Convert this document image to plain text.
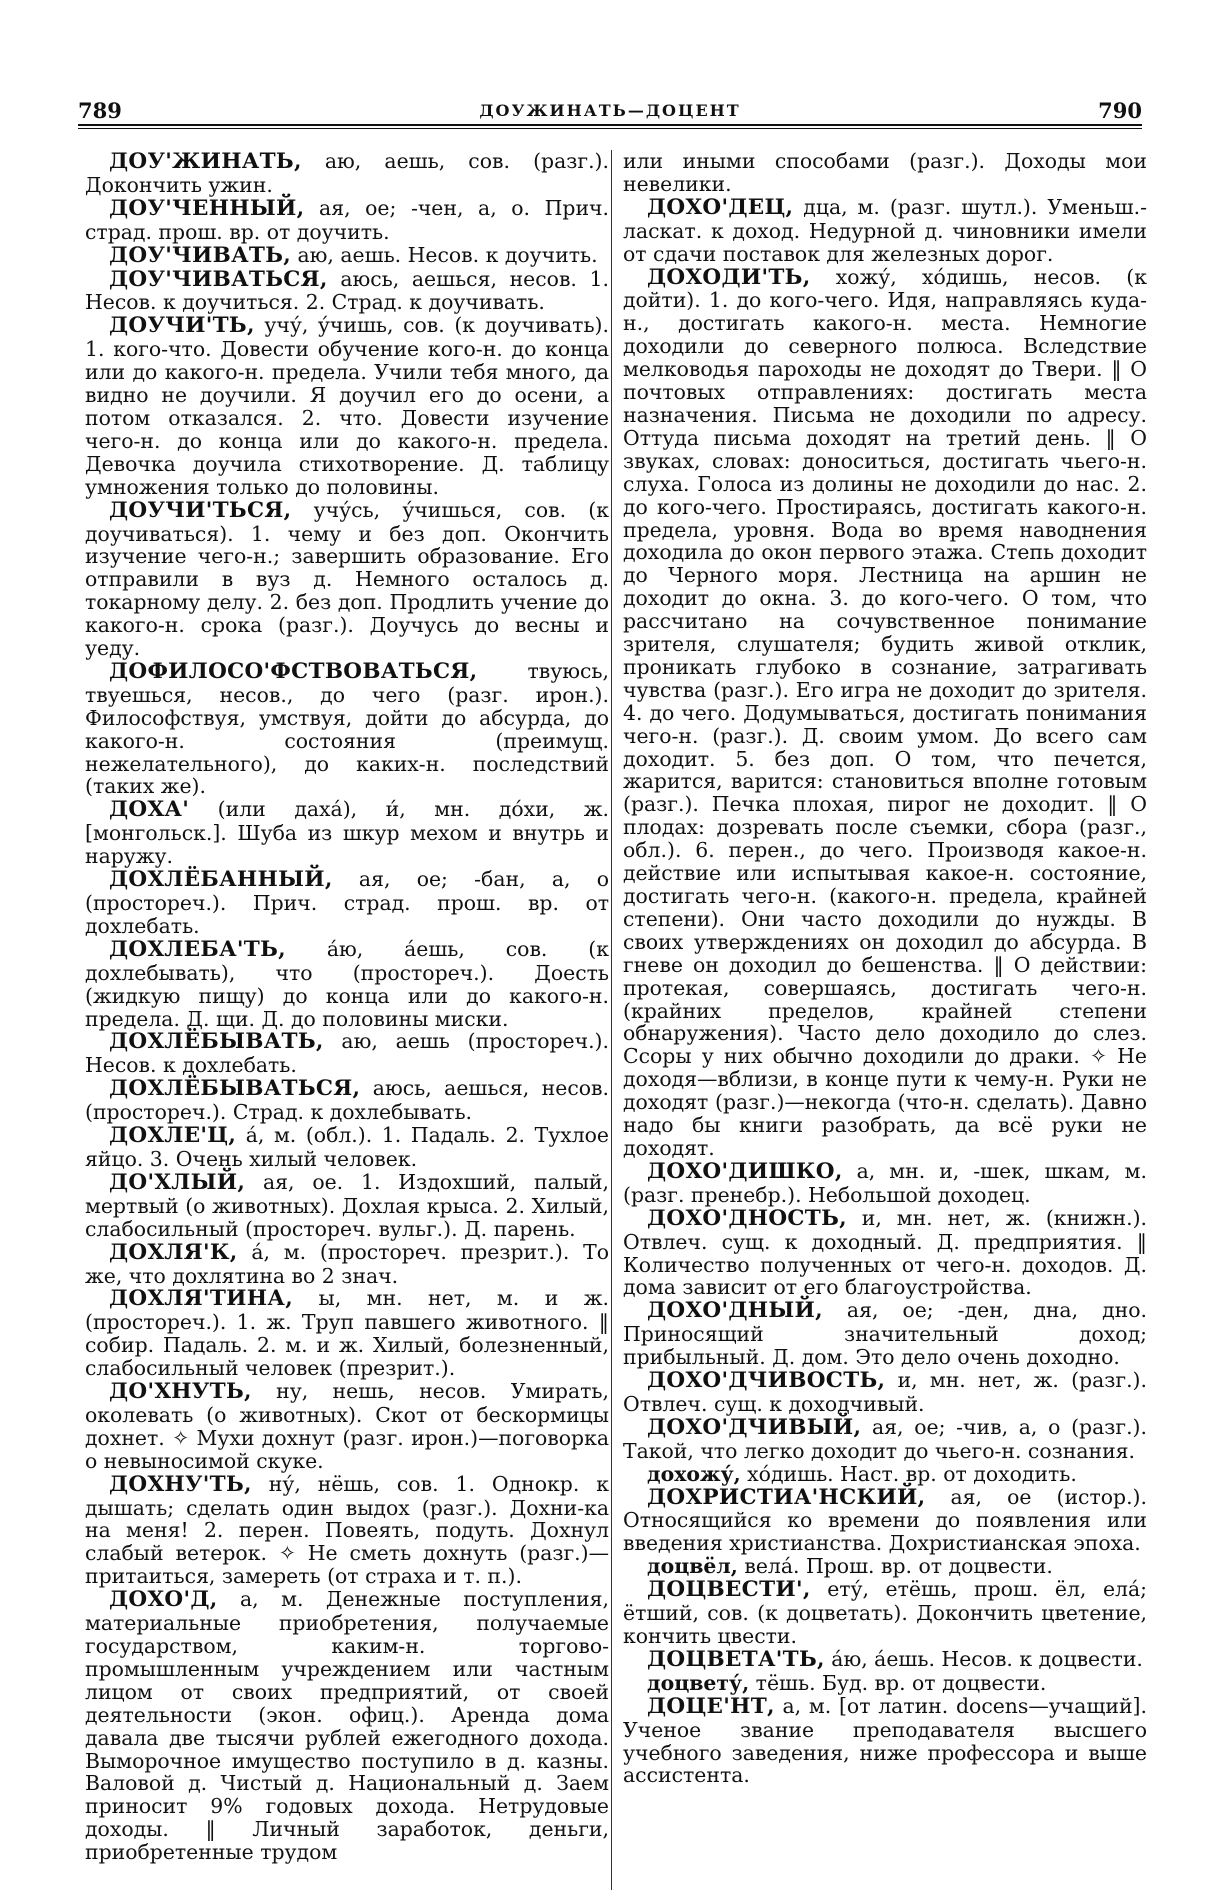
789	ДОУЖИНАТЬ—ДОЦЕНТ	790

ДОУ'ЖИНАТЬ, аю, аешь, сов. (разг.). Докончить ужин.

ДОУ'ЧЕННЫЙ, ая, ое; -чен, а, о. Прич. страд. прош. вр. от доучить.

ДОУ'ЧИВАТЬ, аю, аешь. Несов. к доучить.

ДОУ'ЧИВАТЬСЯ, аюсь, аешься, несов. 1. Несов. к доучиться. 2. Страд. к доучивать.

ДОУЧИ'ТЬ, учу́, у́чишь, сов. (к доучивать). 1. кого-что. Довести обучение кого-н. до конца или до какого-н. предела. Учили тебя много, да видно не доучили. Я доучил его до осени, а потом отказался. 2. что. Довести изучение чего-н. до конца или до какого-н. предела. Девочка доучила стихотворение. Д. таблицу умножения только до половины.

ДОУЧИ'ТЬСЯ, учу́сь, у́чишься, сов. (к доучиваться). 1. чему и без доп. Окончить изучение чего-н.; завершить образование. Его отправили в вуз д. Немного осталось д. токарному делу. 2. без доп. Продлить учение до какого-н. срока (разг.). Доучусь до весны и уеду.

ДОФИЛОСО'ФСТВОВАТЬСЯ, твуюсь, твуешься, несов., до чего (разг. ирон.). Философствуя, умствуя, дойти до абсурда, до какого-н. состояния (преимущ. нежелательного), до каких-н. последствий (таких же).

ДОХА' (или даха́), и́, мн. до́хи, ж. [монгольск.]. Шуба из шкур мехом и внутрь и наружу.

ДОХЛЁБАННЫЙ, ая, ое; -бан, а, о (простореч.). Прич. страд. прош. вр. от дохлебать.

ДОХЛЕБА'ТЬ, а́ю, а́ешь, сов. (к дохлебывать), что (простореч.). Доесть (жидкую пищу) до конца или до какого-н. предела. Д. щи. Д. до половины миски.

ДОХЛЁБЫВАТЬ, аю, аешь (простореч.). Несов. к дохлебать.

ДОХЛЁБЫВАТЬСЯ, аюсь, аешься, несов. (простореч.). Страд. к дохлебывать.

ДОХЛЕ'Ц, а́, м. (обл.). 1. Падаль. 2. Тухлое яйцо. 3. Очень хилый человек.

ДО'ХЛЫЙ, ая, ое. 1. Издохший, палый, мертвый (о животных). Дохлая крыса. 2. Хилый, слабосильный (простореч. вульг.). Д. парень.

ДОХЛЯ'К, а́, м. (простореч. презрит.). То же, что дохлятина во 2 знач.

ДОХЛЯ'ТИНА, ы, мн. нет, м. и ж. (простореч.). 1. ж. Труп павшего животного. ‖ собир. Падаль. 2. м. и ж. Хилый, болезненный, слабосильный человек (презрит.).

ДО'ХНУТЬ, ну, нешь, несов. Умирать, околевать (о животных). Скот от бескормицы дохнет. ✧ Мухи дохнут (разг. ирон.)—поговорка о невыносимой скуке.

ДОХНУ'ТЬ, ну́, нёшь, сов. 1. Однокр. к дышать; сделать один выдох (разг.). Дохни-ка на меня! 2. перен. Повеять, подуть. Дохнул слабый ветерок. ✧ Не сметь дохнуть (разг.)—притаиться, замереть (от страха и т. п.).

ДОХО'Д, а, м. Денежные поступления, материальные приобретения, получаемые государством, каким-н. торгово-промышленным учреждением или частным лицом от своих предприятий, от своей деятельности (экон. офиц.). Аренда дома давала две тысячи рублей ежегодного дохода. Выморочное имущество поступило в д. казны. Валовой д. Чистый д. Национальный д. Заем приносит 9% годовых дохода. Нетрудовые доходы. ‖ Личный заработок, деньги, приобретенные трудом

или иными способами (разг.). Доходы мои невелики.

ДОХО'ДЕЦ, дца, м. (разг. шутл.). Уменьш.-ласкат. к доход. Недурной д. чиновники имели от сдачи поставок для железных дорог.

ДОХОДИ'ТЬ, хожу́, хо́дишь, несов. (к дойти). 1. до кого-чего. Идя, направляясь куда-н., достигать какого-н. места. Немногие доходили до северного полюса. Вследствие мелководья пароходы не доходят до Твери. ‖ О почтовых отправлениях: достигать места назначения. Письма не доходили по адресу. Оттуда письма доходят на третий день. ‖ О звуках, словах: доноситься, достигать чьего-н. слуха. Голоса из долины не доходили до нас. 2. до кого-чего. Простираясь, достигать какого-н. предела, уровня. Вода во время наводнения доходила до окон первого этажа. Степь доходит до Черного моря. Лестница на аршин не доходит до окна. 3. до кого-чего. О том, что рассчитано на сочувственное понимание зрителя, слушателя; будить живой отклик, проникать глубоко в сознание, затрагивать чувства (разг.). Его игра не доходит до зрителя. 4. до чего. Додумываться, достигать понимания чего-н. (разг.). Д. своим умом. До всего сам доходит. 5. без доп. О том, что печется, жарится, варится: становиться вполне готовым (разг.). Печка плохая, пирог не доходит. ‖ О плодах: дозревать после съемки, сбора (разг., обл.). 6. перен., до чего. Производя какое-н. действие или испытывая какое-н. состояние, достигать чего-н. (какого-н. предела, крайней степени). Они часто доходили до нужды. В своих утверждениях он доходил до абсурда. В гневе он доходил до бешенства. ‖ О действии: протекая, совершаясь, достигать чего-н. (крайних пределов, крайней степени обнаружения). Часто дело доходило до слез. Ссоры у них обычно доходили до драки. ✧ Не доходя—вблизи, в конце пути к чему-н. Руки не доходят (разг.)—некогда (что-н. сделать). Давно надо бы книги разобрать, да всё руки не доходят.

ДОХО'ДИШКО, а, мн. и, -шек, шкам, м. (разг. пренебр.). Небольшой доходец.

ДОХО'ДНОСТЬ, и, мн. нет, ж. (книжн.). Отвлеч. сущ. к доходный. Д. предприятия. ‖ Количество полученных от чего-н. доходов. Д. дома зависит от его благоустройства.

ДОХО'ДНЫЙ, ая, ое; -ден, дна, дно. Приносящий значительный доход; прибыльный. Д. дом. Это дело очень доходно.

ДОХО'ДЧИВОСТЬ, и, мн. нет, ж. (разг.). Отвлеч. сущ. к доходчивый.

ДОХО'ДЧИВЫЙ, ая, ое; -чив, а, о (разг.). Такой, что легко доходит до чьего-н. сознания.

дохожу́, хо́дишь. Наст. вр. от доходить.

ДОХРИСТИА'НСКИЙ, ая, ое (истор.). Относящийся ко времени до появления или введения христианства. Дохристианская эпоха.

доцвёл, вела́. Прош. вр. от доцвести.

ДОЦВЕСТИ', ету́, етёшь, прош. ёл, ела́; ётший, сов. (к доцветать). Докончить цветение, кончить цвести.

ДОЦВЕТА'ТЬ, а́ю, а́ешь. Несов. к доцвести.

доцвету́, тёшь. Буд. вр. от доцвести.

ДОЦЕ'НТ, а, м. [от латин. docens—учащий]. Ученое звание преподавателя высшего учебного заведения, ниже профессора и выше ассистента.
